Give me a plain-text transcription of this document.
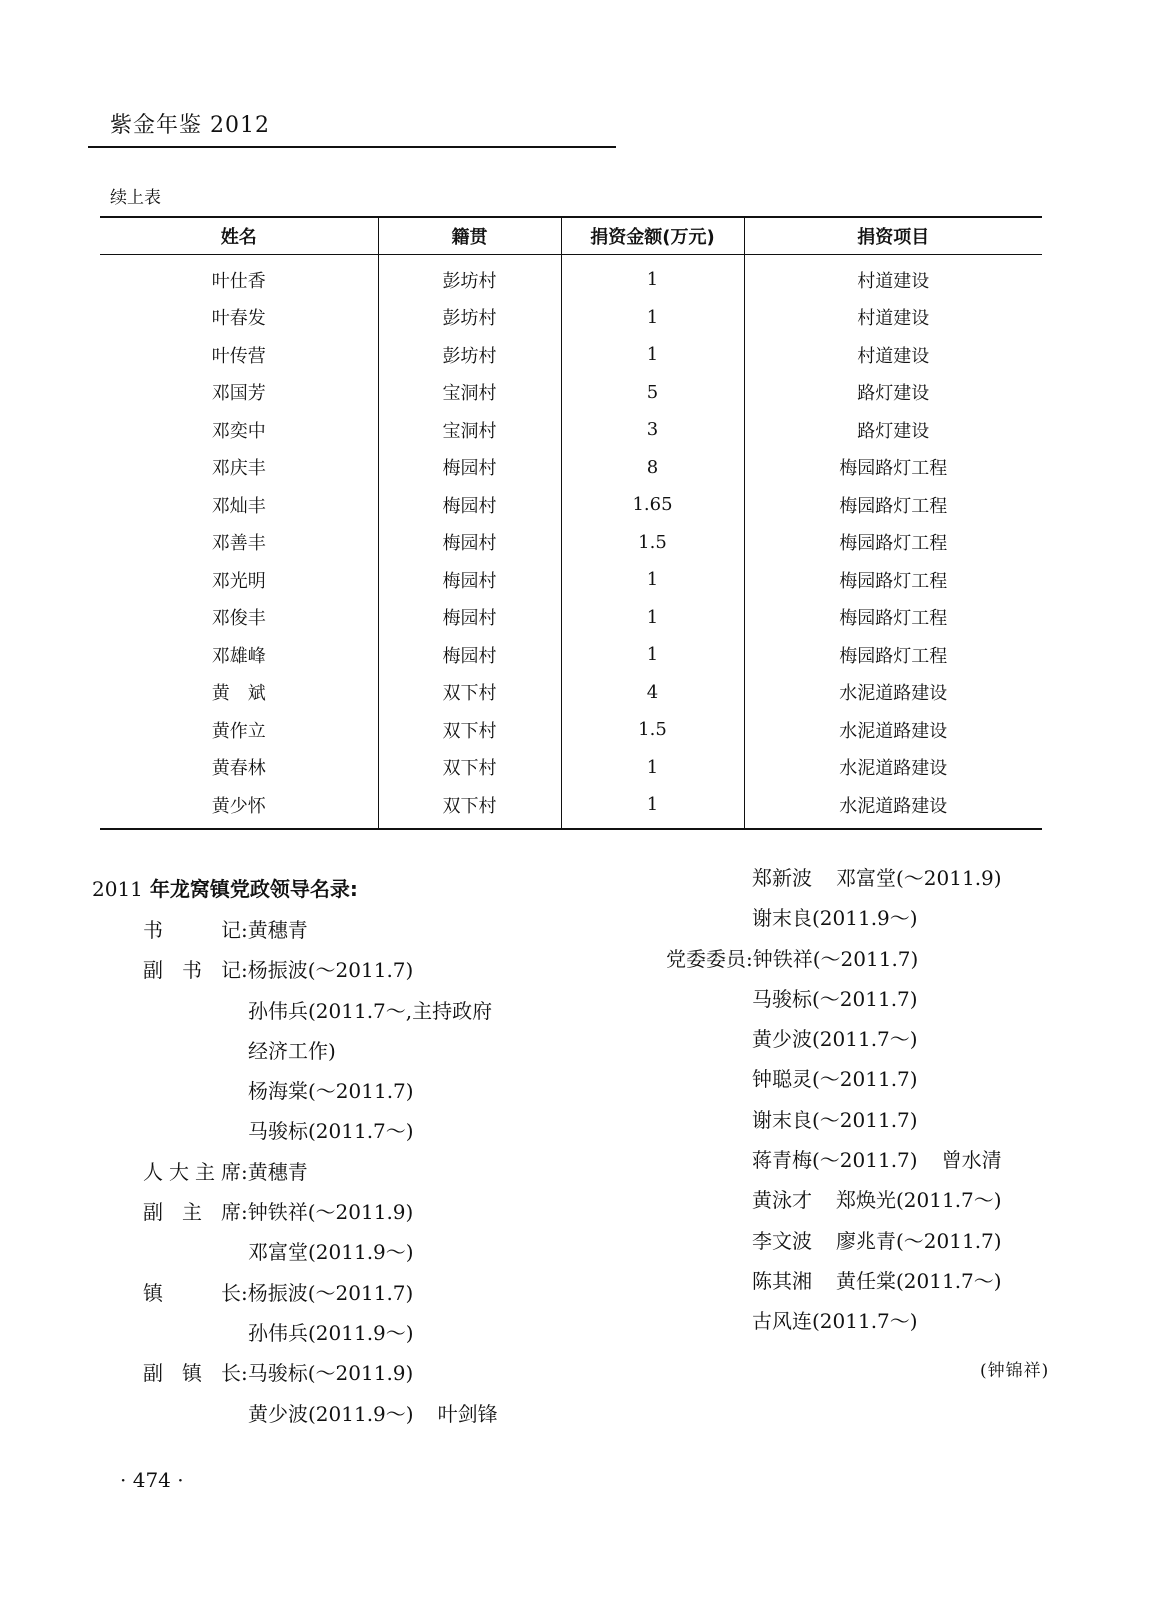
紫金年鉴 2012
续上表
姓名	籍贯	捐资金额(万元)	捐资项目
叶仕香	彭坊村	1	村道建设
叶春发	彭坊村	1	村道建设
叶传营	彭坊村	1	村道建设
邓国芳	宝洞村	5	路灯建设
邓奕中	宝洞村	3	路灯建设
邓庆丰	梅园村	8	梅园路灯工程
邓灿丰	梅园村	1.65	梅园路灯工程
邓善丰	梅园村	1.5	梅园路灯工程
邓光明	梅园村	1	梅园路灯工程
邓俊丰	梅园村	1	梅园路灯工程
邓雄峰	梅园村	1	梅园路灯工程
黄　斌	双下村	4	水泥道路建设
黄作立	双下村	1.5	水泥道路建设
黄春林	双下村	1	水泥道路建设
黄少怀	双下村	1	水泥道路建设
2011 年龙窝镇党政领导名录:
书记:黄穗青
副书记:杨振波(～2011.7)
孙伟兵(2011.7～,主持政府
经济工作)
杨海棠(～2011.7)
马骏标(2011.7～)
人大主席:黄穗青
副主席:钟铁祥(～2011.9)
邓富堂(2011.9～)
镇长:杨振波(～2011.7)
孙伟兵(2011.9～)
副镇长:马骏标(～2011.9)
黄少波(2011.9～) 叶剑锋
郑新波 邓富堂(～2011.9)
谢末良(2011.9～)
党委委员:钟铁祥(～2011.7)
马骏标(～2011.7)
黄少波(2011.7～)
钟聪灵(～2011.7)
谢末良(～2011.7)
蒋青梅(～2011.7) 曾水清
黄泳才 郑焕光(2011.7～)
李文波 廖兆青(～2011.7)
陈其湘 黄任棠(2011.7～)
古风连(2011.7～)
(钟锦祥)
· 474 ·
